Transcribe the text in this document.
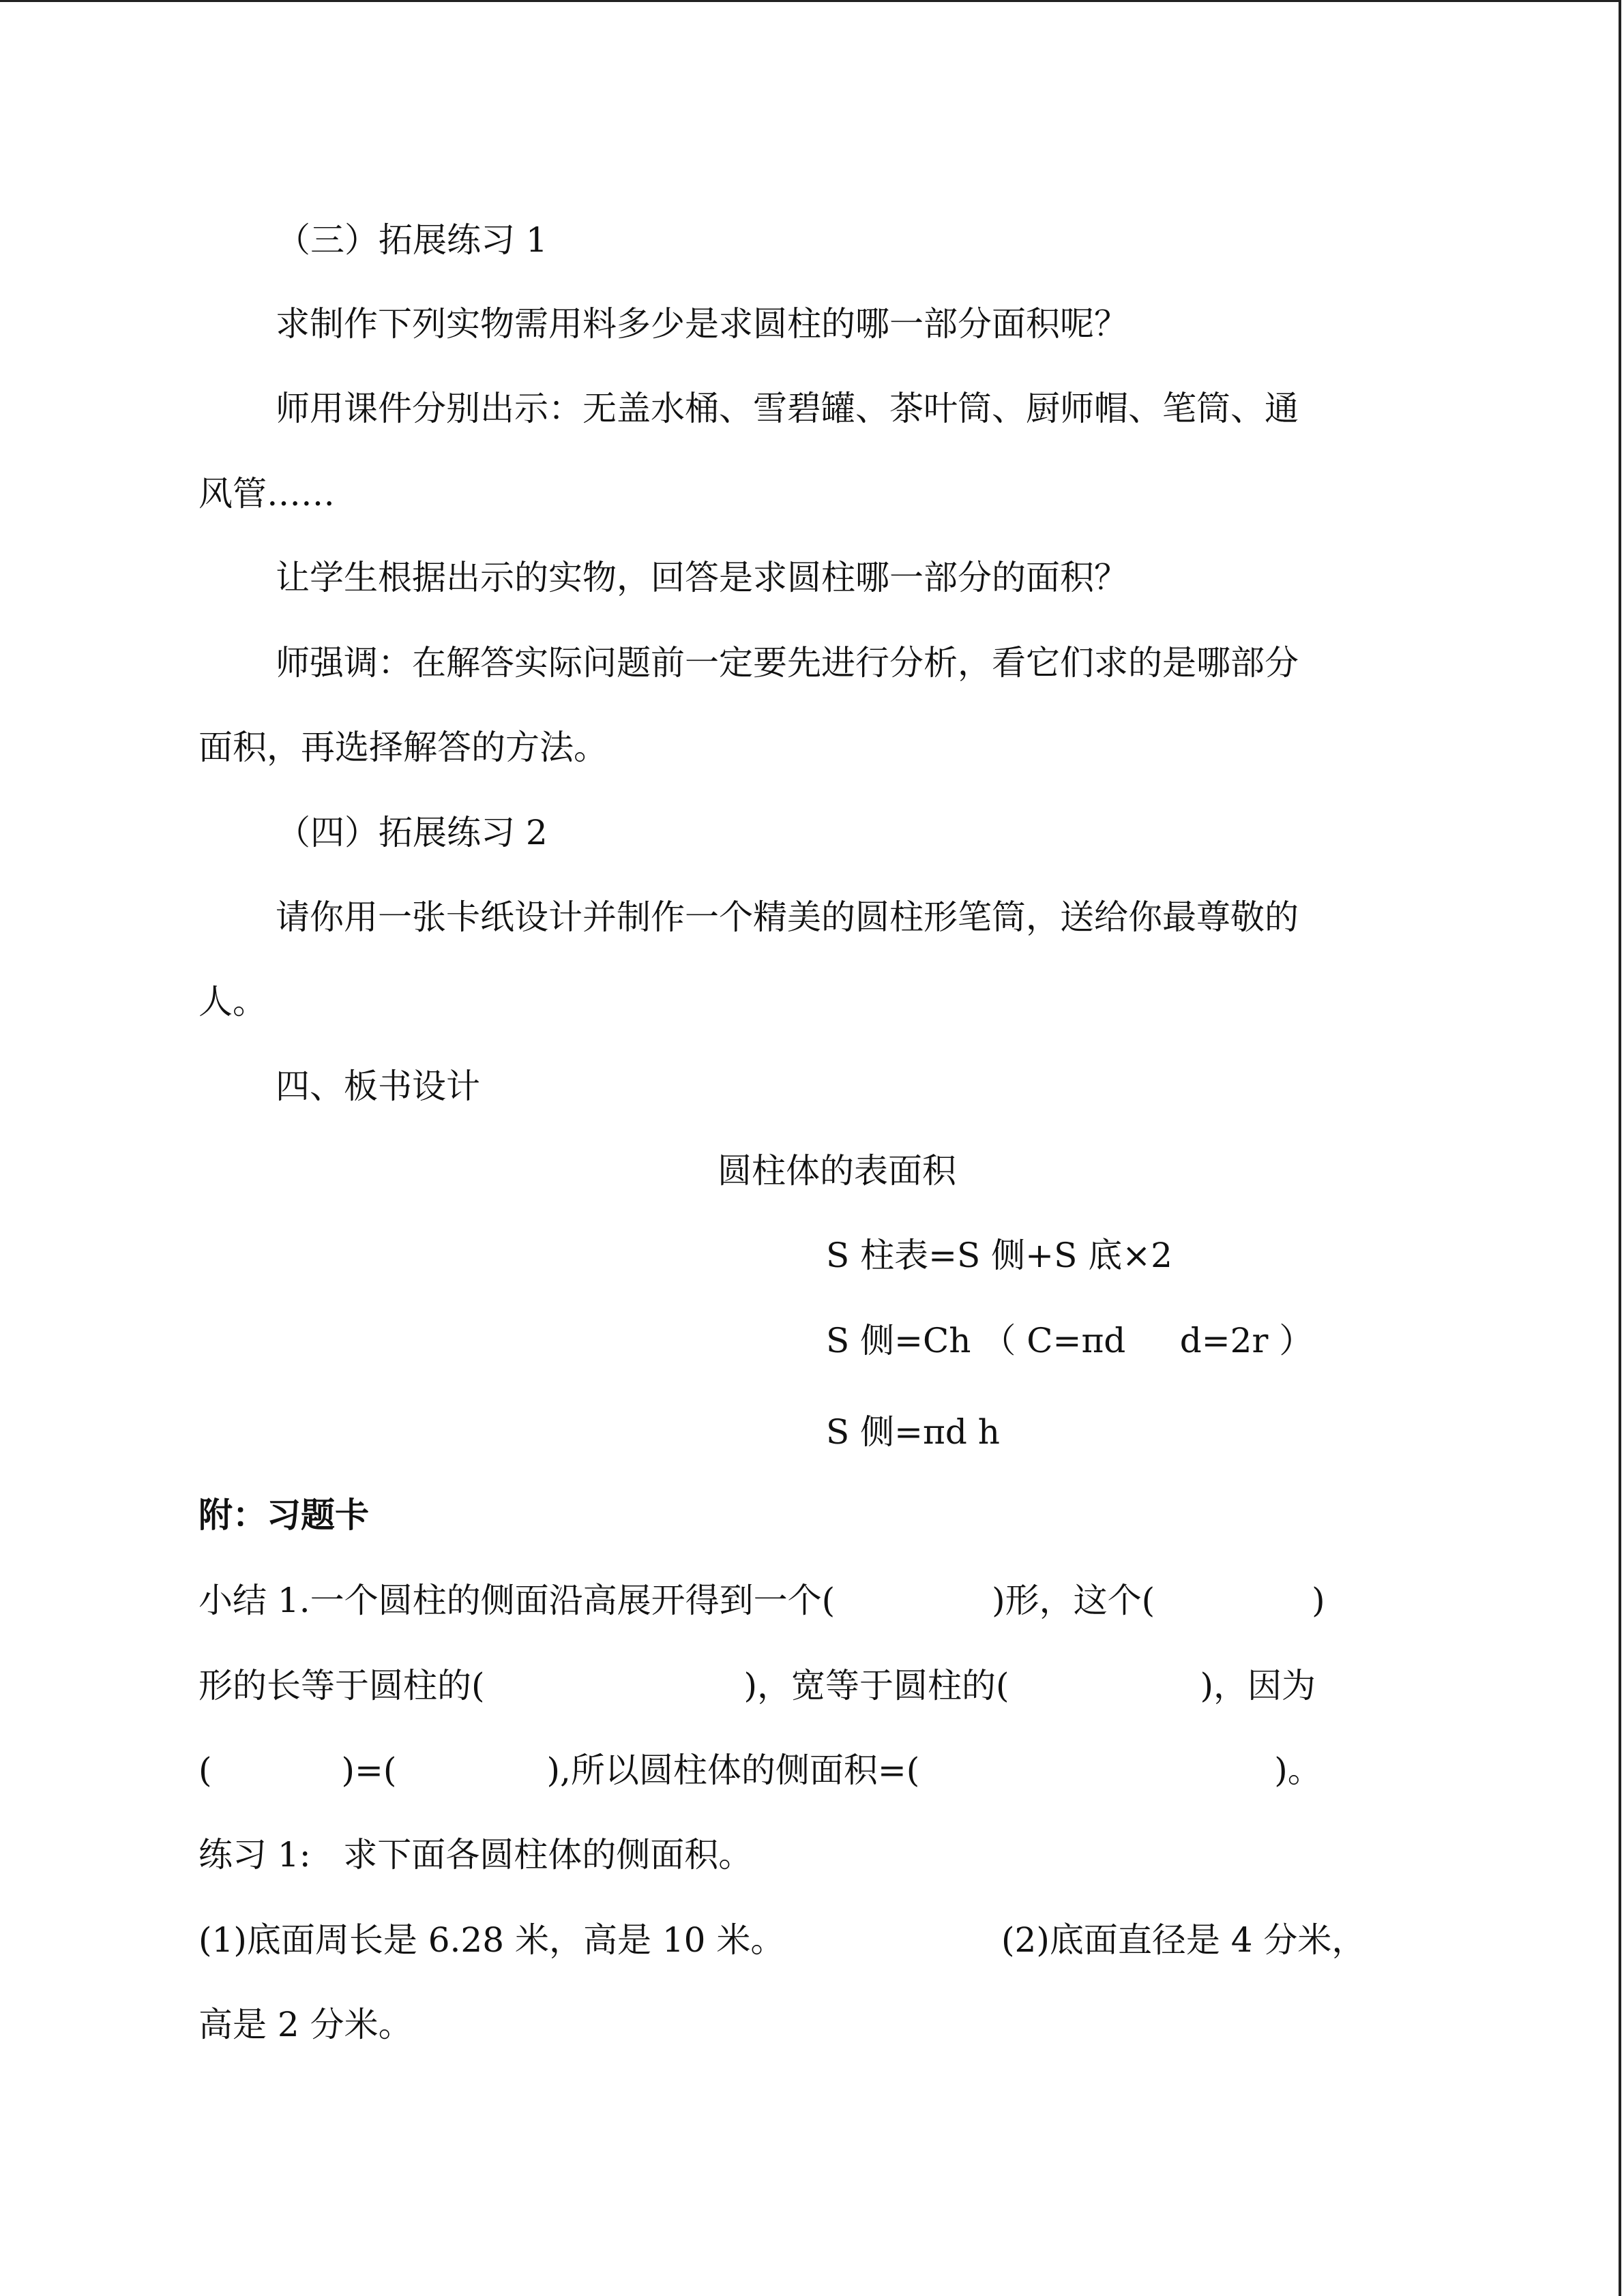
（三）拓展练习 1
求制作下列实物需用料多少是求圆柱的哪一部分面积呢？
师用课件分别出示：无盖水桶、雪碧罐、茶叶筒、厨师帽、笔筒、通
风管……
让学生根据出示的实物，回答是求圆柱哪一部分的面积？
师强调：在解答实际问题前一定要先进行分析，看它们求的是哪部分
面积，再选择解答的方法。
（四）拓展练习 2
请你用一张卡纸设计并制作一个精美的圆柱形笔筒，送给你最尊敬的
人。
四、板书设计
圆柱体的表面积
S 柱表=S 侧+S 底×2
S 侧=Ch （ C=πd     d=2r ）
S 侧=πd h
附：习题卡
小结 1.一个圆柱的侧面沿高展开得到一个(	)形，这个(	)
形的长等于圆柱的(	)，宽等于圆柱的(	)，因为
(	)=(	),所以圆柱体的侧面积=(	)。
练习 1:   求下面各圆柱体的侧面积。
(1)底面周长是 6.28 米，高是 10 米。	(2)底面直径是 4 分米，
高是 2 分米。
